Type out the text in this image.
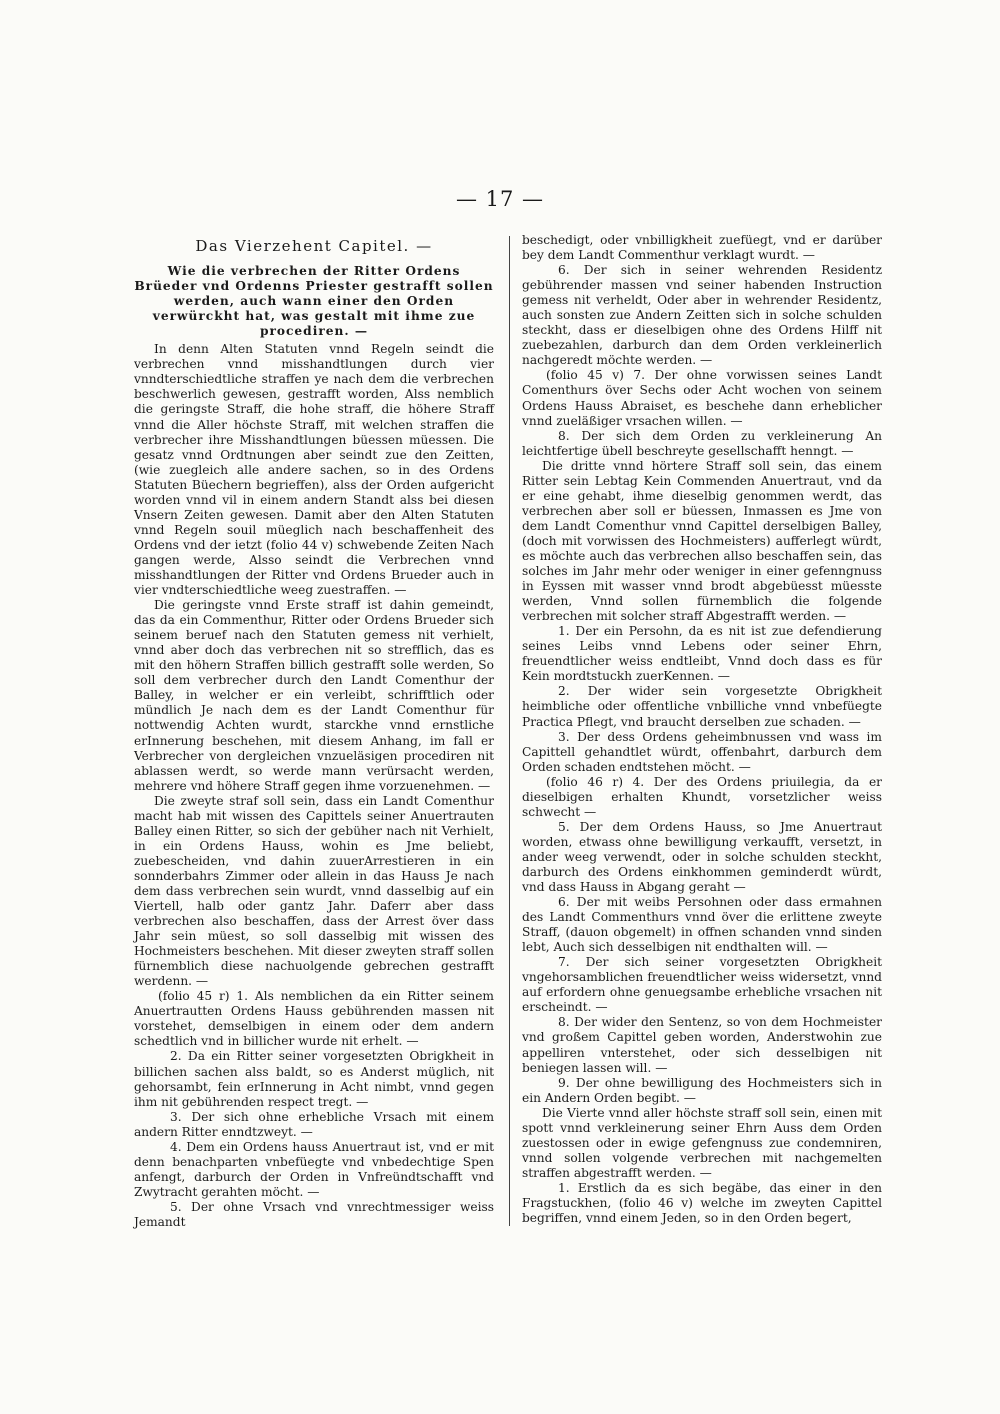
— 17 —
Das Vierzehent Capitel. —
Wie die verbrechen der Ritter Ordens Brüeder vnd Ordenns Priester gestrafft sollen werden, auch wann einer den Orden verwürckht hat, was gestalt mit ihme zue procediren. —

In denn Alten Statuten vnnd Regeln seindt die verbrechen vnnd misshandtlungen durch vier vnndterschiedtliche straffen ye nach dem die verbrechen beschwerlich gewesen, gestrafft worden, Alss nemblich die geringste Straff, die hohe straff, die höhere Straff vnnd die Aller höchste Straff, mit welchen straffen die verbrecher ihre Misshandtlungen büessen müessen. Die gesatz vnnd Ordtnungen aber seindt zue den Zeitten, (wie zuegleich alle andere sachen, so in des Ordens Statuten Büechern begrieffen), alss der Orden aufgericht worden vnnd vil in einem andern Standt alss bei diesen Vnsern Zeiten gewesen. Damit aber den Alten Statuten vnnd Regeln souil müeglich nach beschaffenheit des Ordens vnd der ietzt (folio 44 v) schwebende Zeiten Nach gangen werde, Alsso seindt die Verbrechen vnnd misshandtlungen der Ritter vnd Ordens Brueder auch in vier vndterschiedtliche weeg zuestraffen. —

Die geringste vnnd Erste straff ist dahin gemeindt, das da ein Commenthur, Ritter oder Ordens Brueder sich seinem beruef nach den Statuten gemess nit verhielt, vnnd aber doch das verbrechen nit so strefflich, das es mit den höhern Straffen billich gestrafft solle werden, So soll dem verbrecher durch den Landt Comenthur der Balley, in welcher er ein verleibt, schrifftlich oder mündlich Je nach dem es der Landt Comenthur für nottwendig Achten wurdt, starckhe vnnd ernstliche erInnerung beschehen, mit diesem Anhang, im fall er Verbrecher von dergleichen vnzueläsigen procediren nit ablassen werdt, so werde mann verürsacht werden, mehrere vnd höhere Straff gegen ihme vorzuenehmen. —

Die zweyte straf soll sein, dass ein Landt Comenthur macht hab mit wissen des Capittels seiner Anuertrauten Balley einen Ritter, so sich der gebüher nach nit Verhielt, in ein Ordens Hauss, wohin es Jme beliebt, zuebescheiden, vnd dahin zuuerArrestieren in ein sonnderbahrs Zimmer oder allein in das Hauss Je nach dem dass verbrechen sein wurdt, vnnd dasselbig auf ein Viertell, halb oder gantz Jahr. Daferr aber dass verbrechen also beschaffen, dass der Arrest över dass Jahr sein müest, so soll dasselbig mit wissen des Hochmeisters beschehen. Mit dieser zweyten straff sollen fürnemblich diese nachuolgende gebrechen gestrafft werdenn. —

(folio 45 r) 1. Als nemblichen da ein Ritter seinem Anuertrautten Ordens Hauss gebührenden massen nit vorstehet, demselbigen in einem oder dem andern schedtlich vnd in billicher wurde nit erhelt. —

2. Da ein Ritter seiner vorgesetzten Obrigkheit in billichen sachen alss baldt, so es Anderst müglich, nit gehorsambt, fein erInnerung in Acht nimbt, vnnd gegen ihm nit gebührenden respect tregt. —

3. Der sich ohne erhebliche Vrsach mit einem andern Ritter enndtzweyt. —

4. Dem ein Ordens hauss Anuertraut ist, vnd er mit denn benachparten vnbefüegte vnd vnbedechtige Spen anfengt, darburch der Orden in Vnfreündtschafft vnd Zwytracht gerahten möcht. —

5. Der ohne Vrsach vnd vnrechtmessiger weiss Jemandt

beschedigt, oder vnbilligkheit zuefüegt, vnd er darüber bey dem Landt Commenthur verklagt wurdt. —

6. Der sich in seiner wehrenden Residentz gebührender massen vnd seiner habenden Instruction gemess nit verheldt, Oder aber in wehrender Residentz, auch sonsten zue Andern Zeitten sich in solche schulden steckht, dass er dieselbigen ohne des Ordens Hilff nit zuebezahlen, darburch dan dem Orden verkleinerlich nachgeredt möchte werden. —

(folio 45 v) 7. Der ohne vorwissen seines Landt Comenthurs över Sechs oder Acht wochen von seinem Ordens Hauss Abraiset, es beschehe dann erheblicher vnnd zueläßiger vrsachen willen. —

8. Der sich dem Orden zu verkleinerung An leichtfertige übell beschreyte gesellschafft henngt. —

Die dritte vnnd hörtere Straff soll sein, das einem Ritter sein Lebtag Kein Commenden Anuertraut, vnd da er eine gehabt, ihme dieselbig genommen werdt, das verbrechen aber soll er büessen, Inmassen es Jme von dem Landt Comenthur vnnd Capittel derselbigen Balley, (doch mit vorwissen des Hochmeisters) aufferlegt würdt, es möchte auch das verbrechen allso beschaffen sein, das solches im Jahr mehr oder weniger in einer gefenngnuss in Eyssen mit wasser vnnd brodt abgebüesst müesste werden, Vnnd sollen fürnemblich die folgende verbrechen mit solcher straff Abgestrafft werden. —

1. Der ein Persohn, da es nit ist zue defendierung seines Leibs vnnd Lebens oder seiner Ehrn, freuendtlicher weiss endtleibt, Vnnd doch dass es für Kein mordtstuckh zuerKennen. —

2. Der wider sein vorgesetzte Obrigkheit heimbliche oder offentliche vnbilliche vnnd vnbefüegte Practica Pflegt, vnd braucht derselben zue schaden. —

3. Der dess Ordens geheimbnussen vnd wass im Capittell gehandtlet würdt, offenbahrt, darburch dem Orden schaden endtstehen möcht. —

(folio 46 r) 4. Der des Ordens priuilegia, da er dieselbigen erhalten Khundt, vorsetzlicher weiss schwecht —

5. Der dem Ordens Hauss, so Jme Anuertraut worden, etwass ohne bewilligung verkaufft, versetzt, in ander weeg verwendt, oder in solche schulden steckht, darburch des Ordens einkhommen geminderdt würdt, vnd dass Hauss in Abgang geraht —

6. Der mit weibs Persohnen oder dass ermahnen des Landt Commenthurs vnnd över die erlittene zweyte Straff, (dauon obgemelt) in offnen schanden vnnd sinden lebt, Auch sich desselbigen nit endthalten will. —

7. Der sich seiner vorgesetzten Obrigkheit vngehorsamblichen freuendtlicher weiss widersetzt, vnnd auf erfordern ohne genuegsambe erhebliche vrsachen nit erscheindt. —

8. Der wider den Sentenz, so von dem Hochmeister vnd großem Capittel geben worden, Anderstwohin zue appelliren vnterstehet, oder sich desselbigen nit beniegen lassen will. —

9. Der ohne bewilligung des Hochmeisters sich in ein Andern Orden begibt. —

Die Vierte vnnd aller höchste straff soll sein, einen mit spott vnnd verkleinerung seiner Ehrn Auss dem Orden zuestossen oder in ewige gefengnuss zue condemniren, vnnd sollen volgende verbrechen mit nachgemelten straffen abgestrafft werden. —

1. Erstlich da es sich begäbe, das einer in den Fragstuckhen, (folio 46 v) welche im zweyten Capittel begriffen, vnnd einem Jeden, so in den Orden begert,
